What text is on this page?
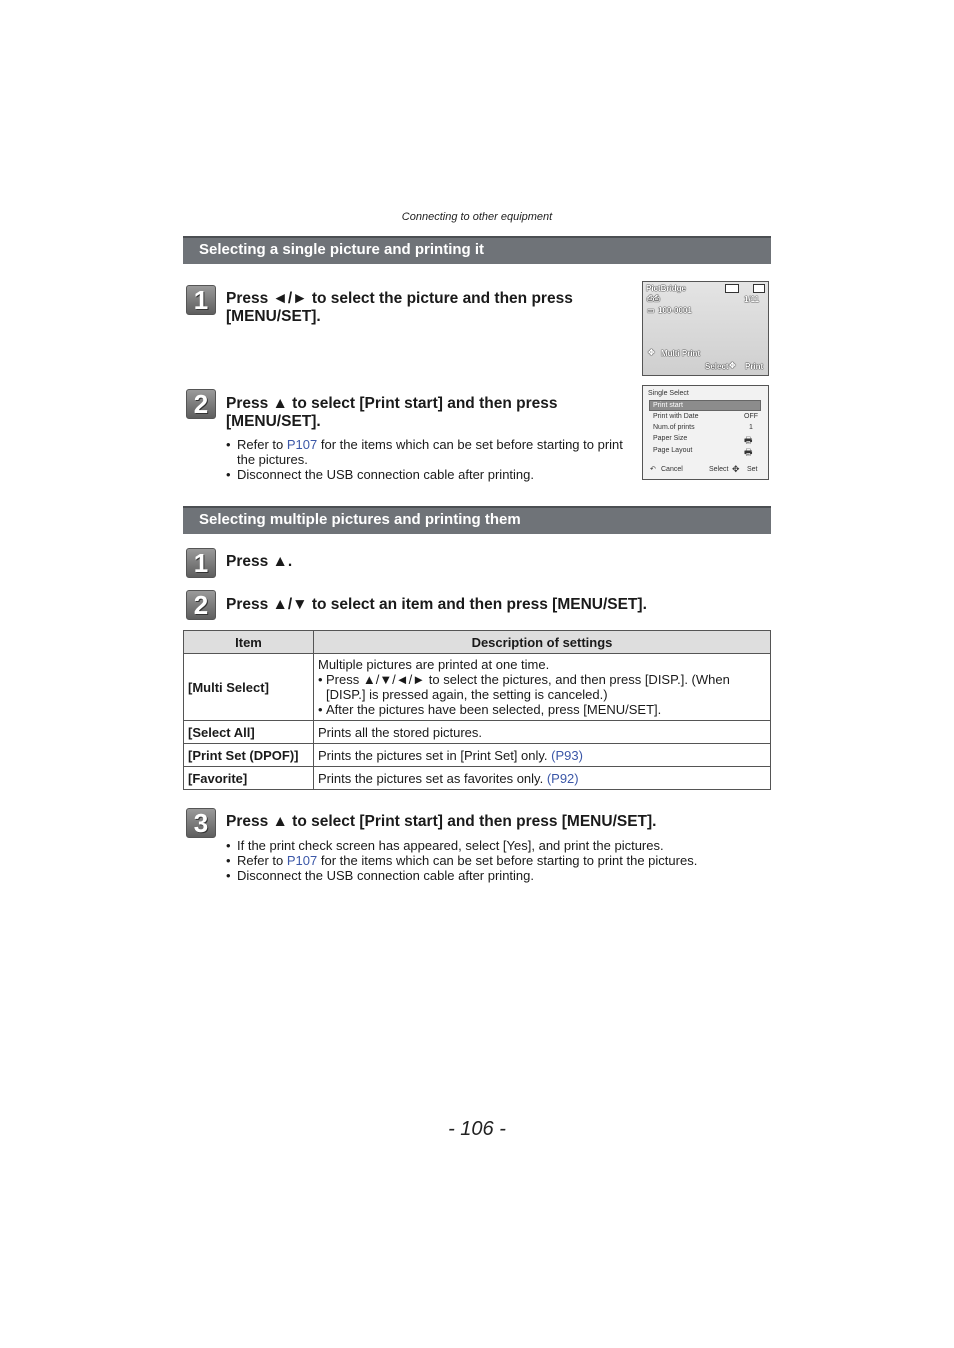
Connecting to other equipment
Selecting a single picture and printing it
1	Press ◄/► to select the picture and then press [MENU/SET].
PictBridge
⎙⎙	1/11
▭ 100-0001
✥ Multi Print
Select ✥ Print
2	Press ▲ to select [Print start] and then press [MENU/SET].
• Refer to P107 for the items which can be set before starting to print the pictures.
• Disconnect the USB connection cable after printing.
Single Select
Print start
Print with Date	OFF
Num.of prints	1
Paper Size	🖶
Page Layout	🖶
↶ Cancel	Select ✥ Set
Selecting multiple pictures and printing them
1	Press ▲.
2	Press ▲/▼ to select an item and then press [MENU/SET].
Item	Description of settings
[Multi Select]	Multiple pictures are printed at one time.
• Press ▲/▼/◄/► to select the pictures, and then press [DISP.]. (When [DISP.] is pressed again, the setting is canceled.)
• After the pictures have been selected, press [MENU/SET].

[Select All]	Prints all the stored pictures.
[Print Set (DPOF)]	Prints the pictures set in [Print Set] only. (P93)
[Favorite]	Prints the pictures set as favorites only. (P92)
3	Press ▲ to select [Print start] and then press [MENU/SET].
• If the print check screen has appeared, select [Yes], and print the pictures.
• Refer to P107 for the items which can be set before starting to print the pictures.
• Disconnect the USB connection cable after printing.
- 106 -
